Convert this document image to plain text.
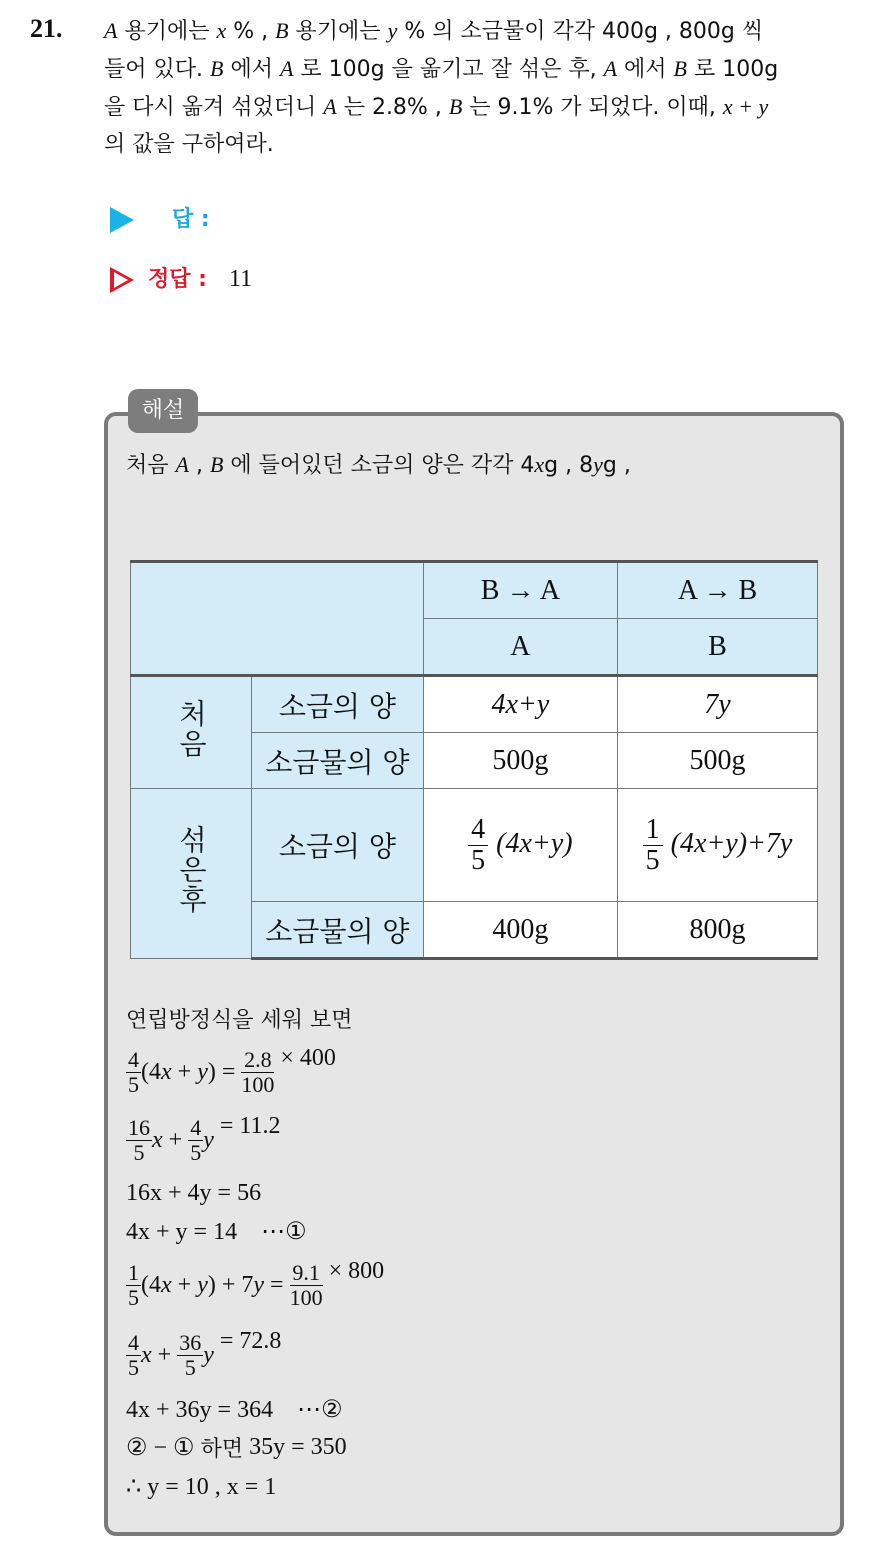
21. A 용기에는 x % , B 용기에는 y % 의 소금물이 각각 400g , 800g 씩
들어 있다. B 에서 A 로 100g 을 옮기고 잘 섞은 후, A 에서 B 로 100g
을 다시 옮겨 섞었더니 A 는 2.8% , B 는 9.1% 가 되었다. 이때, x + y
의 값을 구하여라.
답 :
정답 : 11
해설
처음 A , B 에 들어있던 소금의 양은 각각 4xg , 8yg ,
		B → A	A → B
		A	B
처음	소금의 양	4x+y	7y
	소금물의 양	500g	500g
섞은후	소금의 양	$\frac{4}{5} (4x+y)$	$\frac{1}{5} (4x+y)+7y$
	소금물의 양	400g	800g
연립방정식을 세워 보면
4
5 (4 x + y ) = 2.8
100
× 400

16
5 x + 4
5 y
= 11.2

16x + 4y = 56
4x + y = 14    ⋯①
1
5 (4 x + y ) + 7 y = 9.1
100
× 800

4
5 x + 36
5 y
= 72.8

4x + 36y = 364    ⋯②
② − ① 하면 35y = 350
∴ y = 10 , x = 1
